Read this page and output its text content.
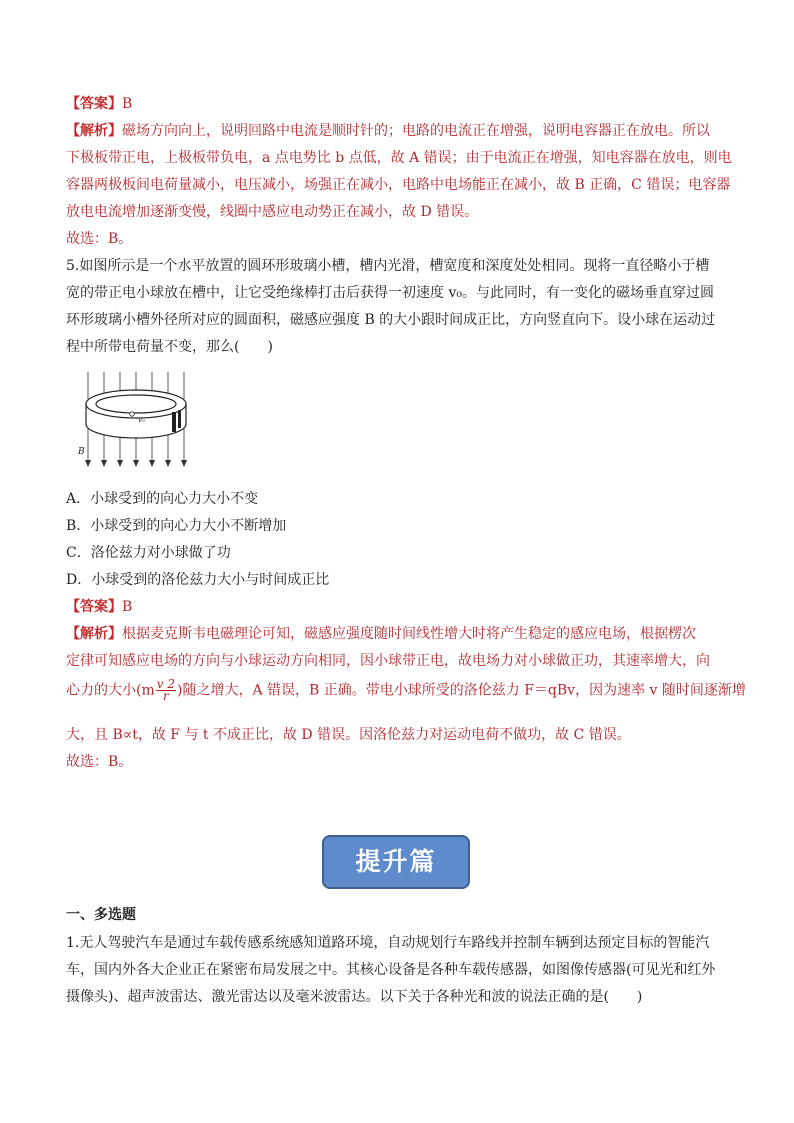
【答案】B
【解析】磁场方向向上，说明回路中电流是顺时针的；电路的电流正在增强，说明电容器正在放电。所以
下极板带正电，上极板带负电，a 点电势比 b 点低，故 A 错误；由于电流正在增强，知电容器在放电，则电
容器两极板间电荷量减小，电压减小，场强正在减小，电路中电场能正在减小，故 B 正确，C 错误；电容器
放电电流增加逐渐变慢，线圈中感应电动势正在减小，故 D 错误。
故选：B。
5.如图所示是一个水平放置的圆环形玻璃小槽，槽内光滑，槽宽度和深度处处相同。现将一直径略小于槽
宽的带正电小球放在槽中，让它受绝缘棒打击后获得一初速度 v₀。与此同时，有一变化的磁场垂直穿过圆
环形玻璃小槽外径所对应的圆面积，磁感应强度 B 的大小跟时间成正比，方向竖直向下。设小球在运动过
程中所带电荷量不变，那么(　　)
v₀
B
A．小球受到的向心力大小不变
B．小球受到的向心力大小不断增加
C．洛伦兹力对小球做了功
D．小球受到的洛伦兹力大小与时间成正比
【答案】B
【解析】根据麦克斯韦电磁理论可知，磁感应强度随时间线性增大时将产生稳定的感应电场，根据楞次
定律可知感应电场的方向与小球运动方向相同，因小球带正电，故电场力对小球做正功，其速率增大，向
心力的大小($m \frac{v 2}{r}$ )随之增大，A 错误，B 正确。带电小球所受的洛伦兹力 F＝qBv，因为速率 v 随时间逐渐增
大，且 B∝t，故 F 与 t 不成正比，故 D 错误。因洛伦兹力对运动电荷不做功，故 C 错误。
故选：B。
提升篇
一、多选题
1.无人驾驶汽车是通过车载传感系统感知道路环境，自动规划行车路线并控制车辆到达预定目标的智能汽
车，国内外各大企业正在紧密布局发展之中。其核心设备是各种车载传感器，如图像传感器(可见光和红外
摄像头)、超声波雷达、激光雷达以及毫米波雷达。以下关于各种光和波的说法正确的是(　　)
